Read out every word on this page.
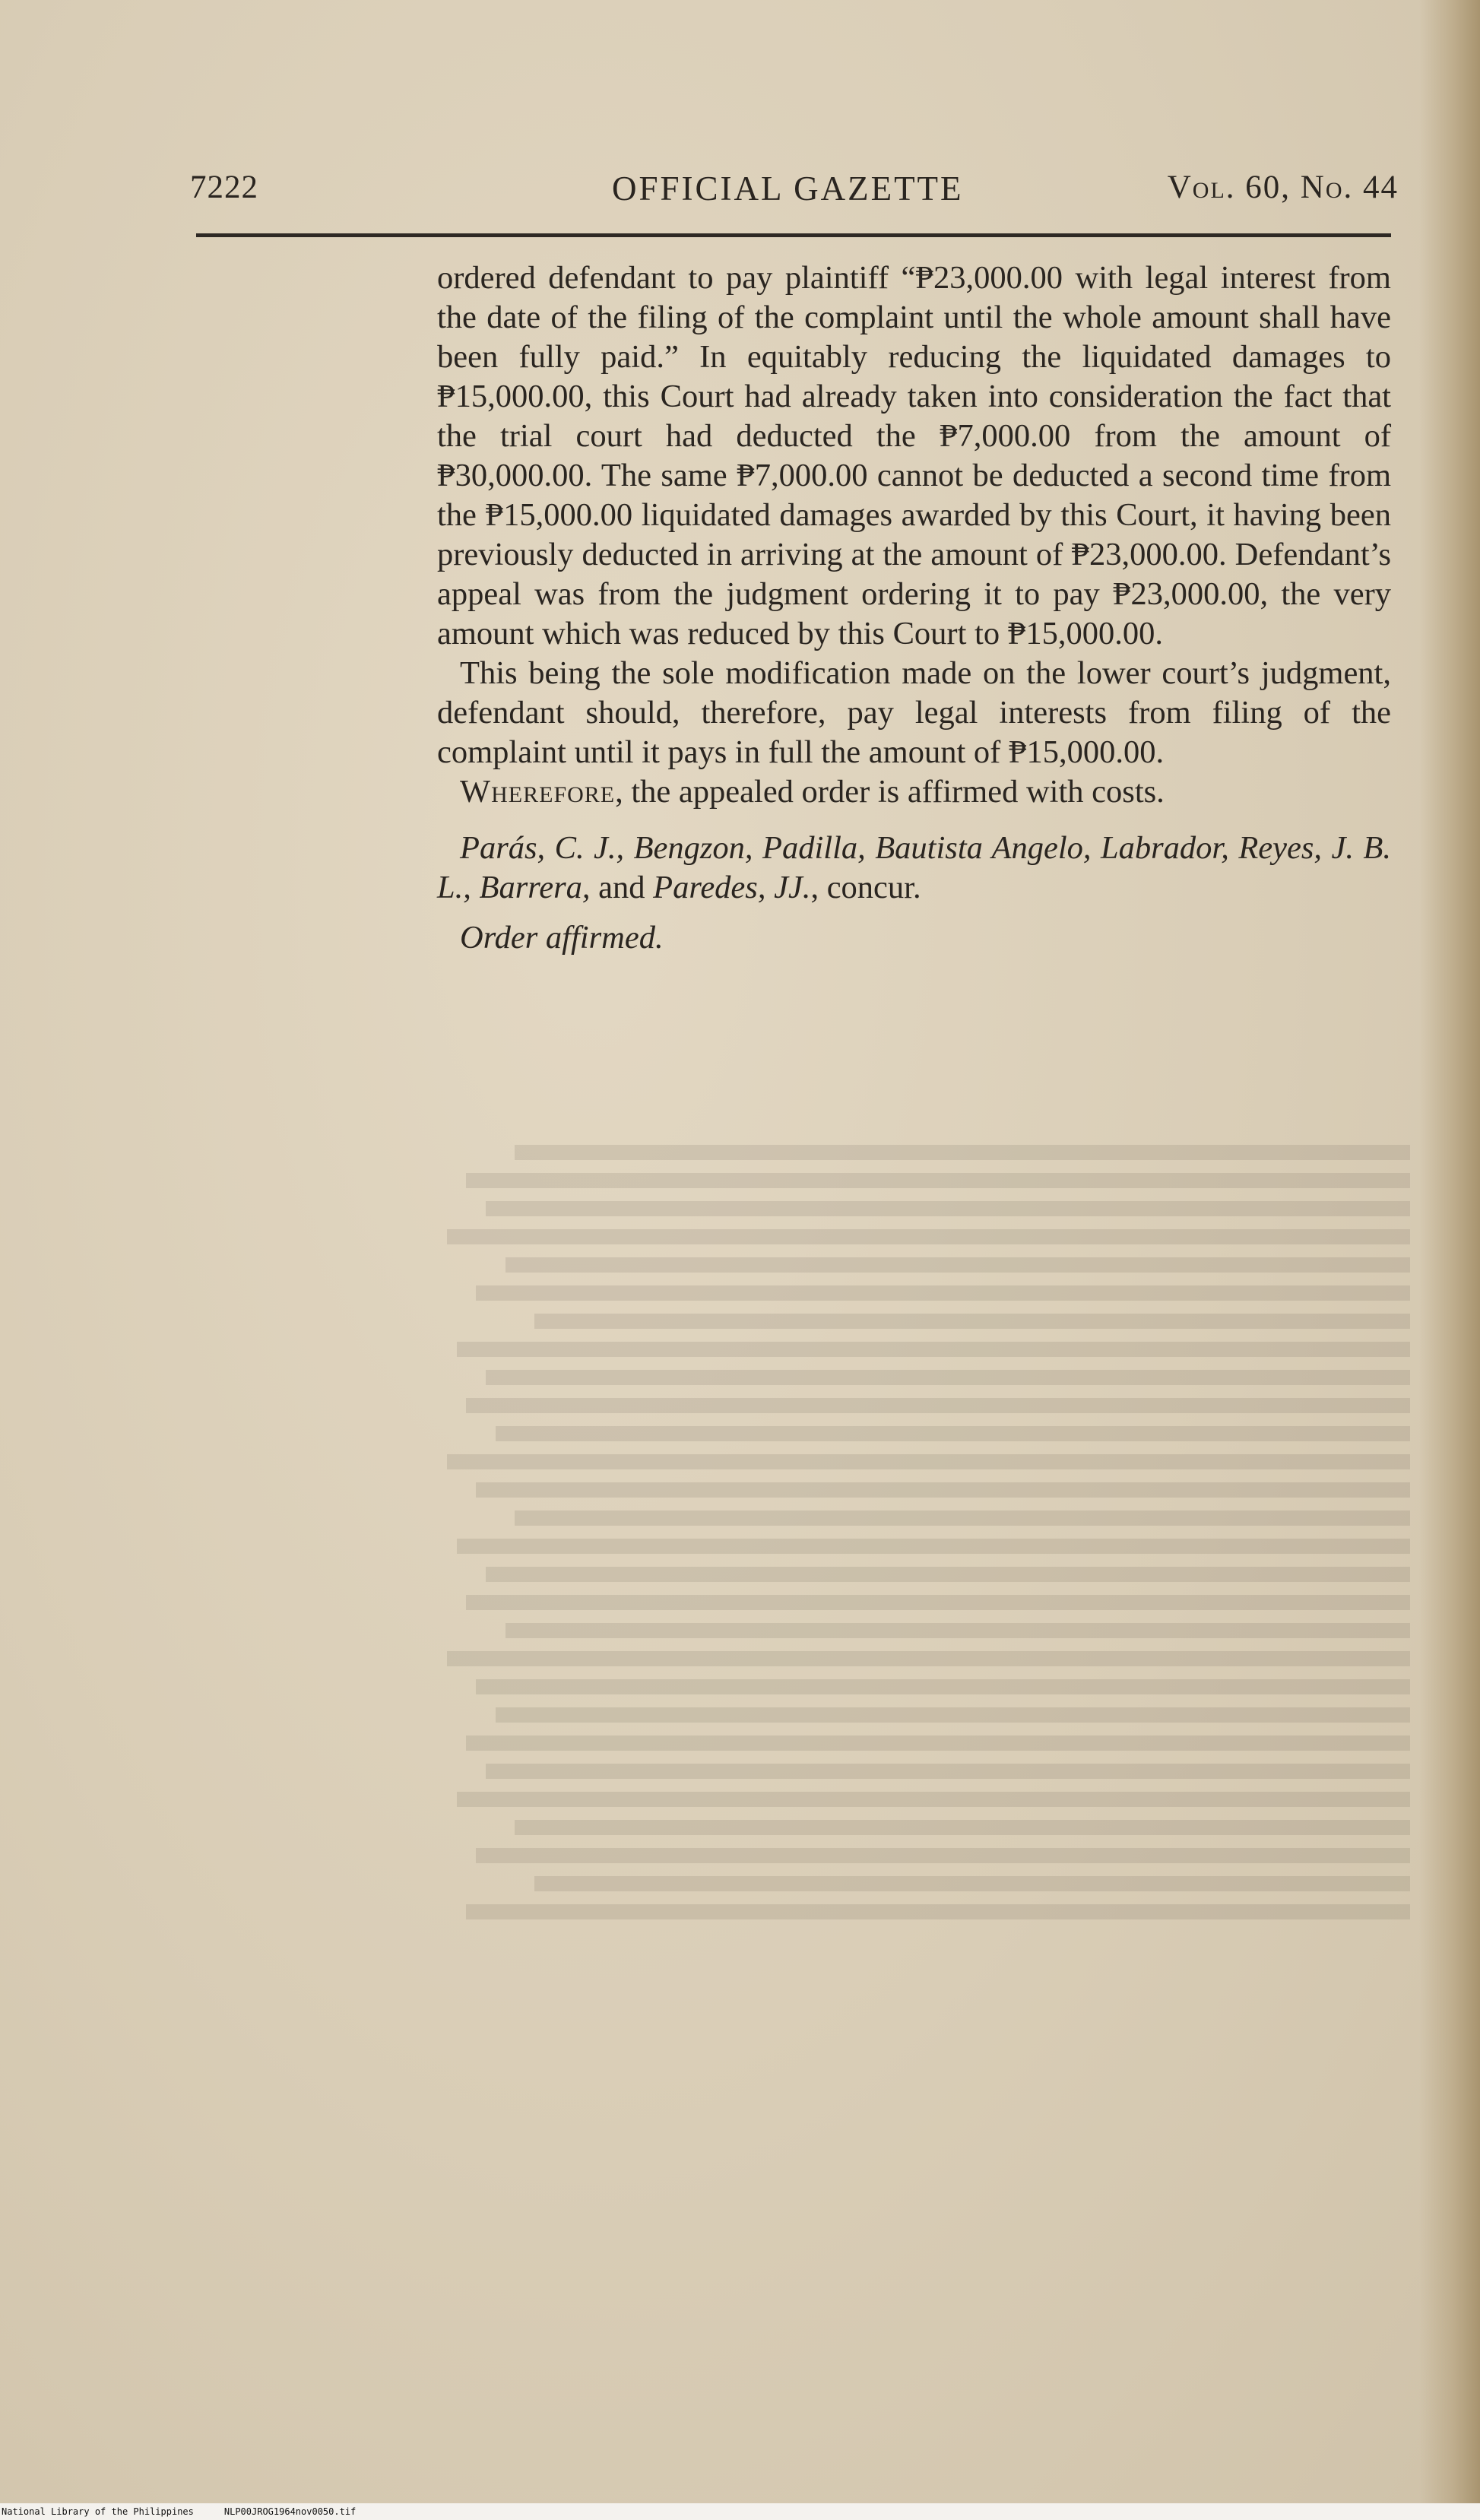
7222	OFFICIAL GAZETTE	Vol. 60, No. 44

ordered defendant to pay plaintiff “₱23,000.00 with legal interest from the date of the filing of the complaint until the whole amount shall have been fully paid.” In equitably reducing the liquidated damages to ₱15,000.00, this Court had already taken into consideration the fact that the trial court had deducted the ₱7,000.00 from the amount of ₱30,000.00. The same ₱7,000.00 cannot be deducted a second time from the ₱15,000.00 liquidated damages awarded by this Court, it having been previously deducted in arriving at the amount of ₱23,000.00. Defendant’s appeal was from the judgment ordering it to pay ₱23,000.00, the very amount which was reduced by this Court to ₱15,000.00.

This being the sole modification made on the lower court’s judgment, defendant should, therefore, pay legal interests from filing of the complaint until it pays in full the amount of ₱15,000.00.

Wherefore, the appealed order is affirmed with costs.

Parás, C. J., Bengzon, Padilla, Bautista Angelo, Labrador, Reyes, J. B. L., Barrera, and Paredes, JJ., concur.

Order affirmed.

National Library of the Philippines	NLP00JROG1964nov0050.tif
